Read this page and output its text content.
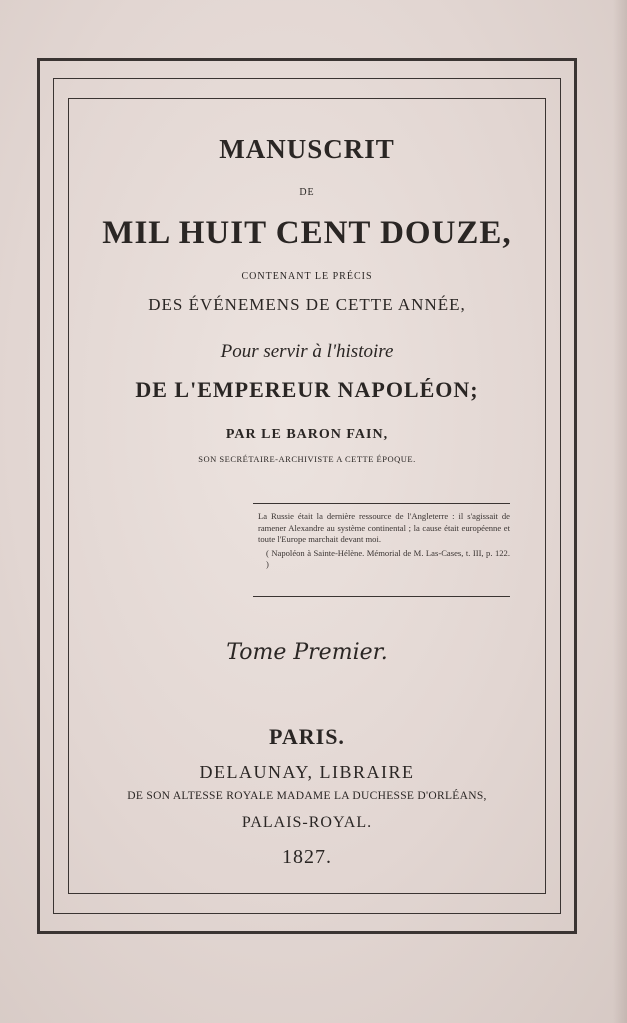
MANUSCRIT
DE
MIL HUIT CENT DOUZE,
CONTENANT LE PRÉCIS
DES ÉVÉNEMENS DE CETTE ANNÉE,
Pour servir à l'histoire
DE L'EMPEREUR NAPOLÉON;
PAR LE BARON FAIN,
SON SECRÉTAIRE-ARCHIVISTE A CETTE ÉPOQUE.

La Russie était la dernière ressource de l'Angleterre : il s'agissait de ramener Alexandre au système continental ; la cause était européenne et toute l'Europe marchait devant moi.

( Napoléon à Sainte-Hélène. Mémorial de M. Las-Cases, t. III, p. 122. )

Tome Premier.
PARIS.
DELAUNAY, LIBRAIRE
DE SON ALTESSE ROYALE MADAME LA DUCHESSE D'ORLÉANS,
PALAIS-ROYAL.
1827.
